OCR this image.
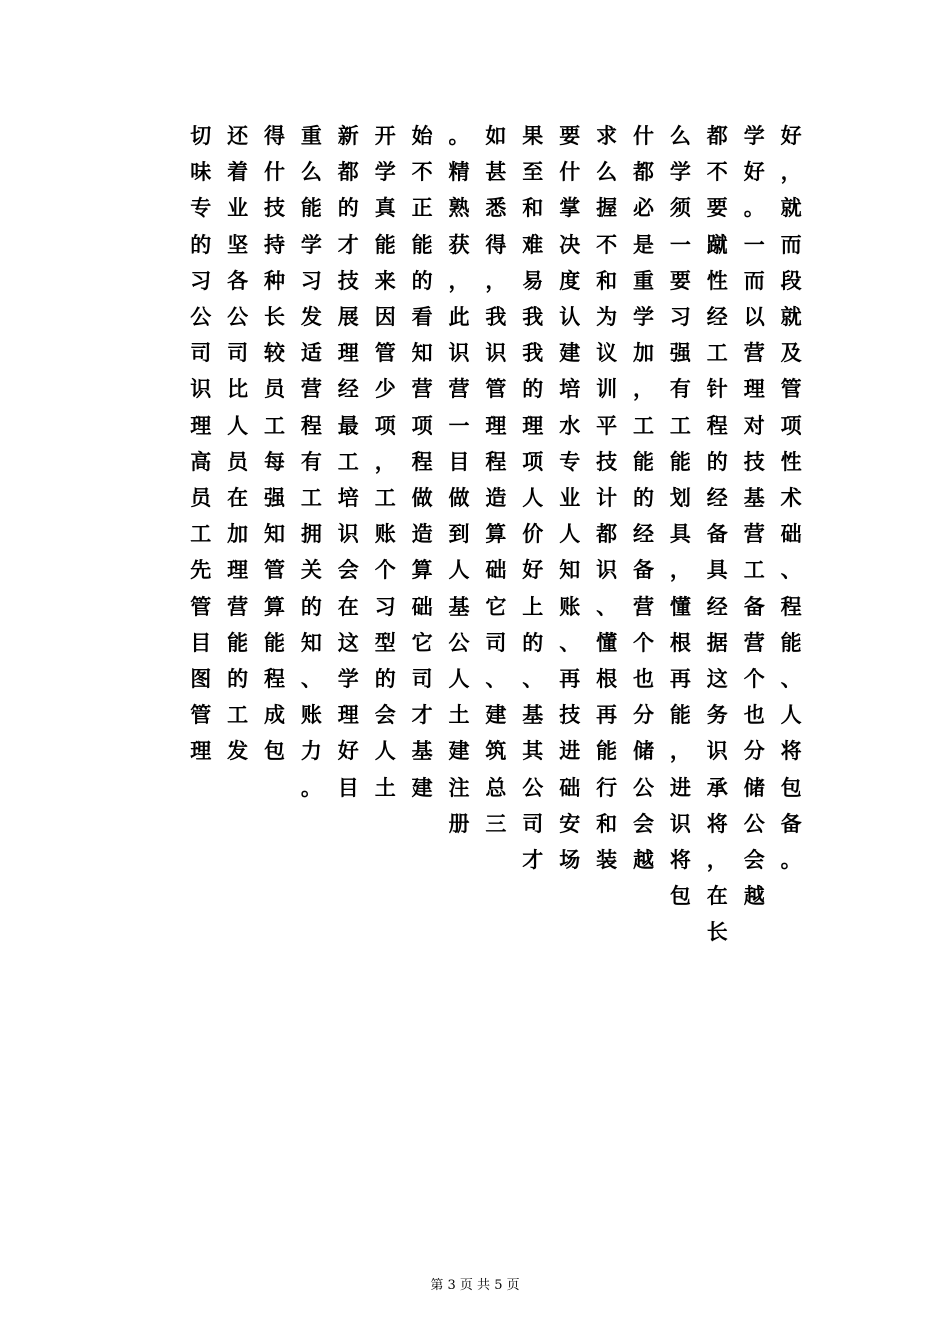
好
，
就
而
段
就
及
管
项
性
术
础
、
程
能
、
人
将
包
备
。
学
好
。
一
而
以
营
理
对
技
基
营
工
备
营
个
也
分
储
公
会
越
都
不
要
蹴
性
经
工
针
程
的
经
备
具
经
据
这
务
识
承
将
，
在
长
么
学
须
一
要
习
强
有
工
能
划
具
，
懂
根
再
能
，
进
识
将
包
什
都
必
是
重
学
加
，
工
能
的
经
备
营
个
也
分
储
公
会
越
求
么
握
不
和
为
议
训
平
技
计
都
识
、
懂
根
再
能
行
和
装
要
什
掌
决
度
认
建
培
水
专
业
人
知
账
、
再
技
进
础
安
场
果
至
和
难
易
我
我
的
理
项
人
价
好
上
的
、
基
其
公
司
才
如
甚
悉
得
，
我
识
管
理
程
造
算
础
它
司
、
建
筑
总
三
。
精
熟
获
，
此
识
营
一
目
做
到
人
基
公
人
土
建
注
册
始
不
正
能
的
看
知
营
项
程
做
造
算
础
它
司
才
基
建
开
学
真
能
来
因
管
少
项
，
工
账
个
习
型
的
会
人
土
新
都
的
才
技
展
理
经
最
工
培
识
会
在
这
学
理
好
目
重
么
能
学
习
发
适
营
程
有
工
拥
关
的
知
、
账
力
。
得
什
技
持
种
长
较
员
工
每
强
知
管
算
能
程
成
包
还
着
业
坚
各
公
司
比
人
员
在
加
理
营
能
的
工
发
切
味
专
的
习
公
司
识
理
高
员
工
先
管
目
图
管
理
第 3 页 共 5 页
